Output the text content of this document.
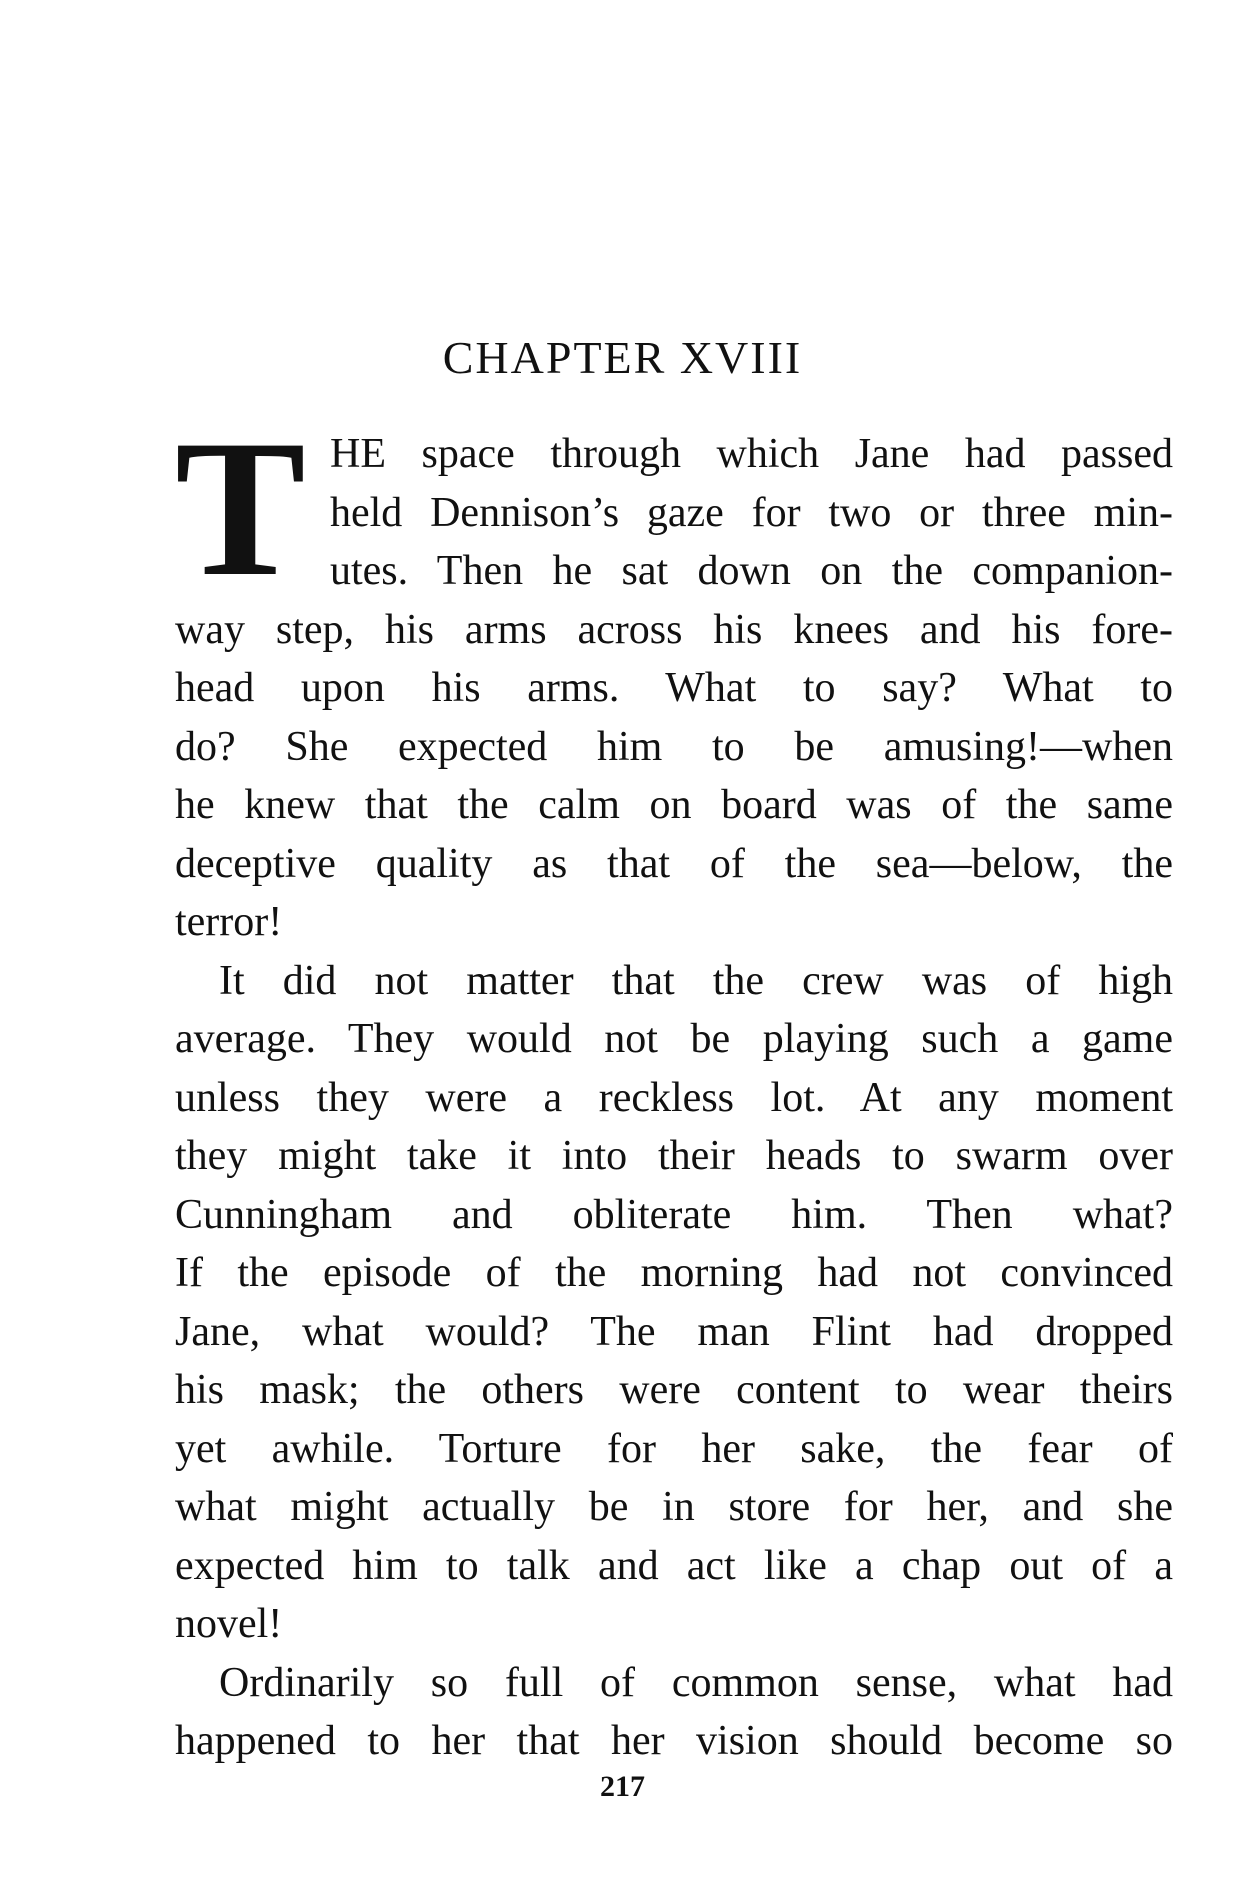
CHAPTER XVIII
T HE space through which Jane had passed
held Dennison’s gaze for two or three min-
utes. Then he sat down on the companion-
way step, his arms across his knees and his fore-
head upon his arms. What to say? What to
do? She expected him to be amusing!—when
he knew that the calm on board was of the same
deceptive quality as that of the sea—below, the
terror!
It did not matter that the crew was of high
average. They would not be playing such a game
unless they were a reckless lot. At any moment
they might take it into their heads to swarm over
Cunningham and obliterate him. Then what?
If the episode of the morning had not convinced
Jane, what would? The man Flint had dropped
his mask; the others were content to wear theirs
yet awhile. Torture for her sake, the fear of
what might actually be in store for her, and she
expected him to talk and act like a chap out of a
novel!
Ordinarily so full of common sense, what had
happened to her that her vision should become so
217
